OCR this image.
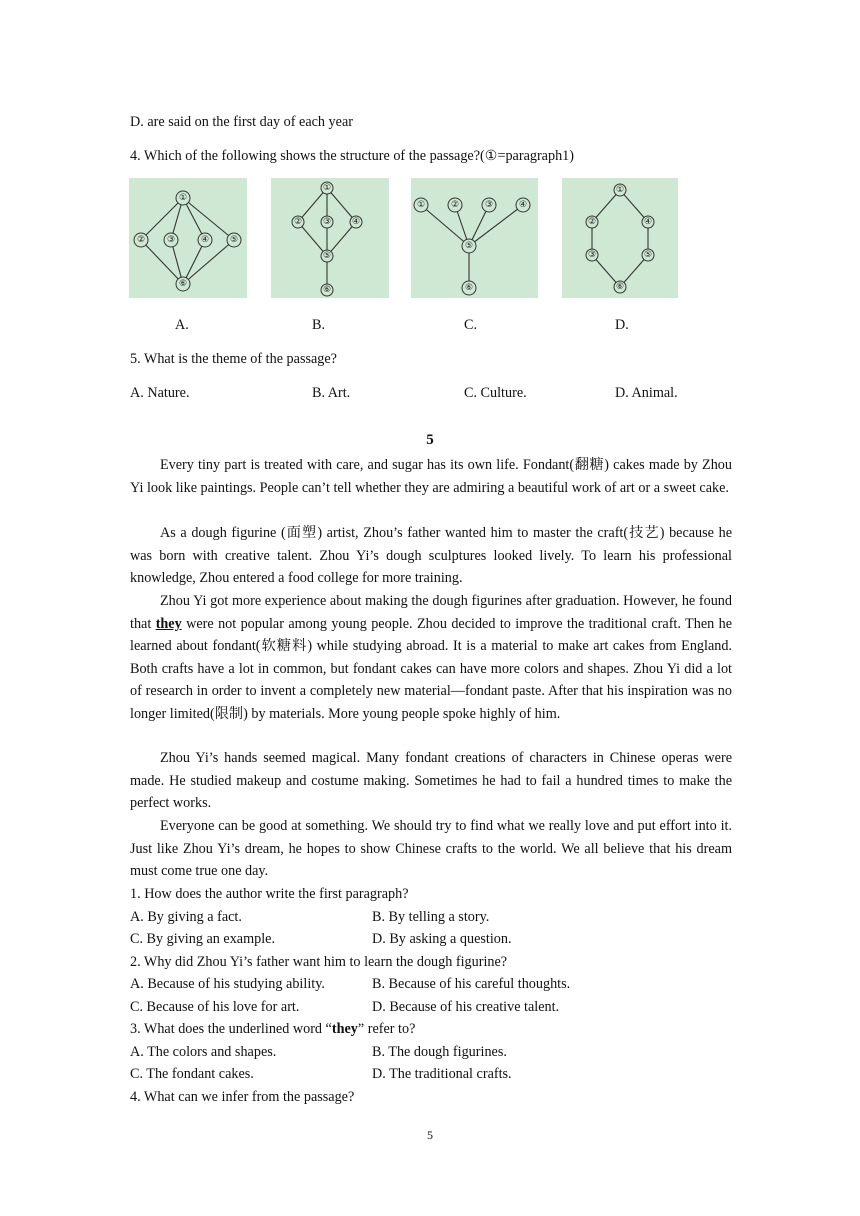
D. are said on the first day of each year
4. Which of the following shows the structure of the passage?(①=paragraph1)
①
② ③	④ ⑤
⑥
①
② ③ ④
⑤
⑥
①	②	③	④
⑤
⑥
①
②	④
③	⑤
⑥
A.	B.	C.	D.
5. What is the theme of the passage?
A. Nature.	B. Art.	C. Culture.	D. Animal.
5

Every tiny part is treated with care, and sugar has its own life. Fondant(翻糖) cakes made by Zhou Yi look like paintings. People can’t tell whether they are admiring a beautiful work of art or a sweet cake.

As a dough figurine (面塑) artist, Zhou’s father wanted him to master the craft(技艺) because he was born with creative talent. Zhou Yi’s dough sculptures looked lively. To learn his professional knowledge, Zhou entered a food college for more training.

Zhou Yi got more experience about making the dough figurines after graduation. However, he found that they were not popular among young people. Zhou decided to improve the traditional craft. Then he learned about fondant(软糖料) while studying abroad. It is a material to make art cakes from England. Both crafts have a lot in common, but fondant cakes can have more colors and shapes. Zhou Yi did a lot of research in order to invent a completely new material—fondant paste. After that his inspiration was no longer limited(限制) by materials. More young people spoke highly of him.

Zhou Yi’s hands seemed magical. Many fondant creations of characters in Chinese operas were made. He studied makeup and costume making. Sometimes he had to fail a hundred times to make the perfect works.

Everyone can be good at something. We should try to find what we really love and put effort into it. Just like Zhou Yi’s dream, he hopes to show Chinese crafts to the world. We all believe that his dream must come true one day.

1. How does the author write the first paragraph?
A. By giving a fact.	B. By telling a story.
C. By giving an example.	D. By asking a question.
2. Why did Zhou Yi’s father want him to learn the dough figurine?
A. Because of his studying ability.	B. Because of his careful thoughts.
C. Because of his love for art.	D. Because of his creative talent.
3. What does the underlined word “they” refer to?
A. The colors and shapes.	B. The dough figurines.
C. The fondant cakes.	D. The traditional crafts.
4. What can we infer from the passage?
5
